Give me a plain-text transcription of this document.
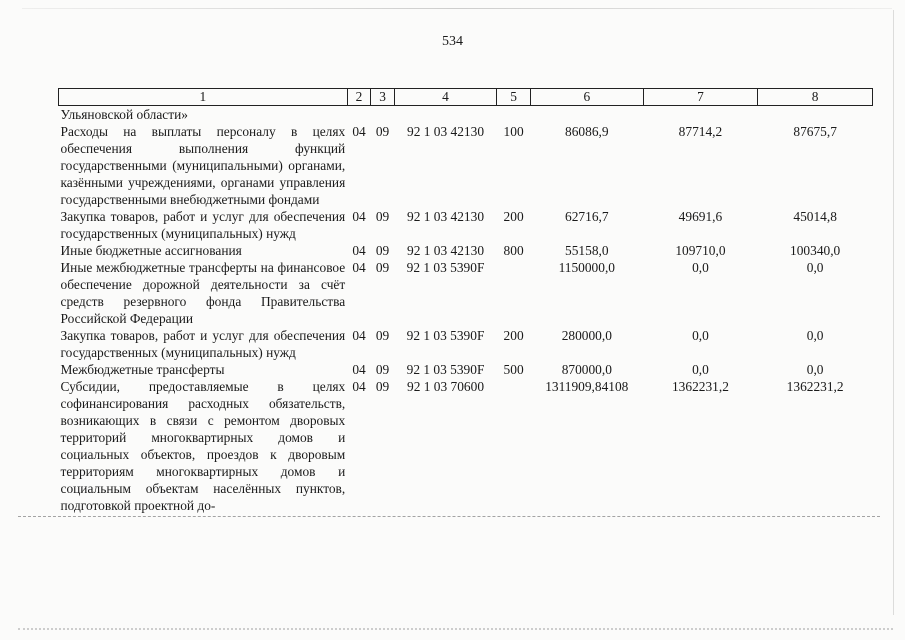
534
1	2	3	4	5	6	7	8
Ульяновской области»							
Расходы на выплаты персоналу в целях обеспечения выполнения функций государственными (муниципальными) органами, казёнными учреждениями, органами управления государственными внебюджетными фондами	04	09	92 1 03 42130	100	86086,9	87714,2	87675,7
Закупка товаров, работ и услуг для обеспечения государственных (муниципальных) нужд	04	09	92 1 03 42130	200	62716,7	49691,6	45014,8
Иные бюджетные ассигнования	04	09	92 1 03 42130	800	55158,0	109710,0	100340,0
Иные межбюджетные трансферты на финансовое обеспечение дорожной деятельности за счёт средств резервного фонда Правительства Российской Федерации	04	09	92 1 03 5390F		1150000,0	0,0	0,0
Закупка товаров, работ и услуг для обеспечения государственных (муниципальных) нужд	04	09	92 1 03 5390F	200	280000,0	0,0	0,0
Межбюджетные трансферты	04	09	92 1 03 5390F	500	870000,0	0,0	0,0
Субсидии, предоставляемые в целях софинансирования расходных обязательств, возникающих в связи с ремонтом дворовых территорий многоквартирных домов и социальных объектов, проездов к дворовым территориям многоквартирных домов и социальным объектам населённых пунктов, подготовкой проектной до-	04	09	92 1 03 70600		1311909,84108	1362231,2	1362231,2
